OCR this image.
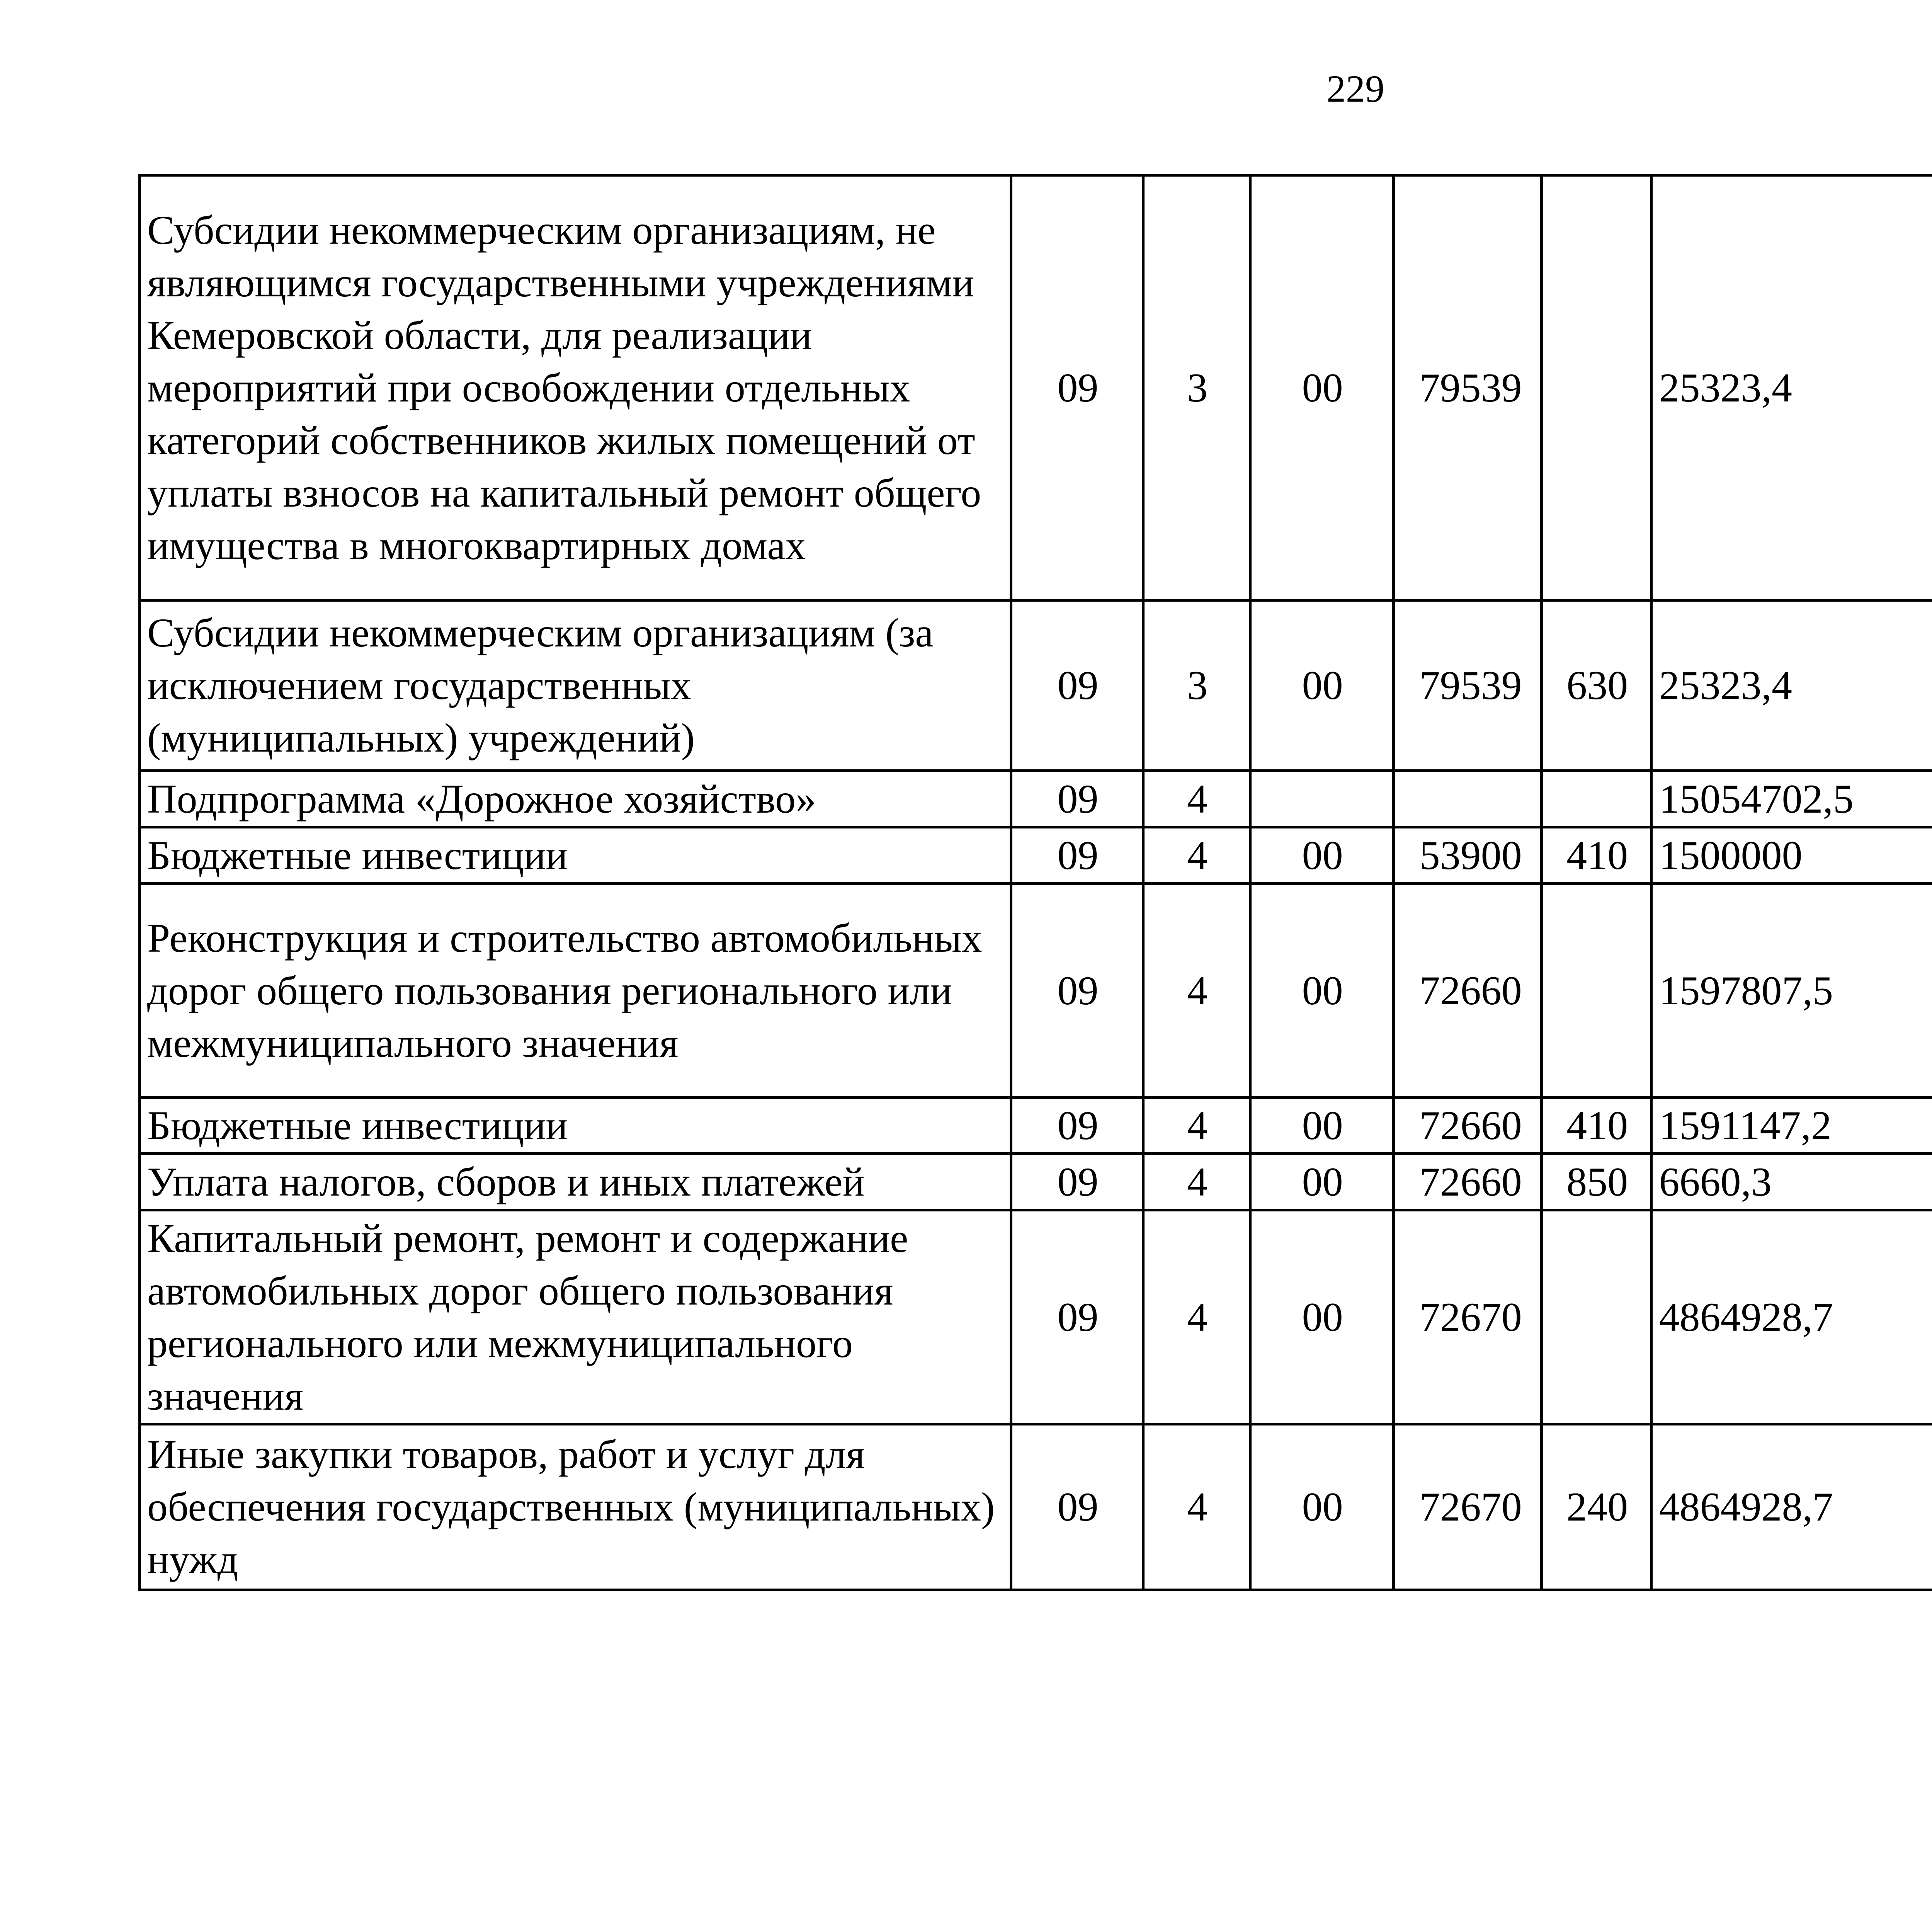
229
Субсидии некоммерческим организациям, не являющимся государственными учреждениями Кемеровской области, для реализации мероприятий при освобождении отдельных категорий собственников жилых помещений от уплаты взносов на капитальный ремонт общего имущества в многоквартирных домах	09	3	00	79539		25323,4		
Субсидии некоммерческим организациям (за исключением государственных (муниципальных) учреждений)	09	3	00	79539	630	25323,4		
Подпрограмма «Дорожное хозяйство»	09	4				15054702,5		
Бюджетные инвестиции	09	4	00	53900	410	1500000		
Реконструкция и строительство автомобильных дорог общего пользования регионального или межмуниципального значения	09	4	00	72660		1597807,5		
Бюджетные инвестиции	09	4	00	72660	410	1591147,2		
Уплата налогов, сборов и иных платежей	09	4	00	72660	850	6660,3		
Капитальный ремонт, ремонт и содержание автомобильных дорог общего пользования регионального или межмуниципального значения	09	4	00	72670		4864928,7		
Иные закупки товаров, работ и услуг для обеспечения государственных (муниципальных) нужд	09	4	00	72670	240	4864928,7		
